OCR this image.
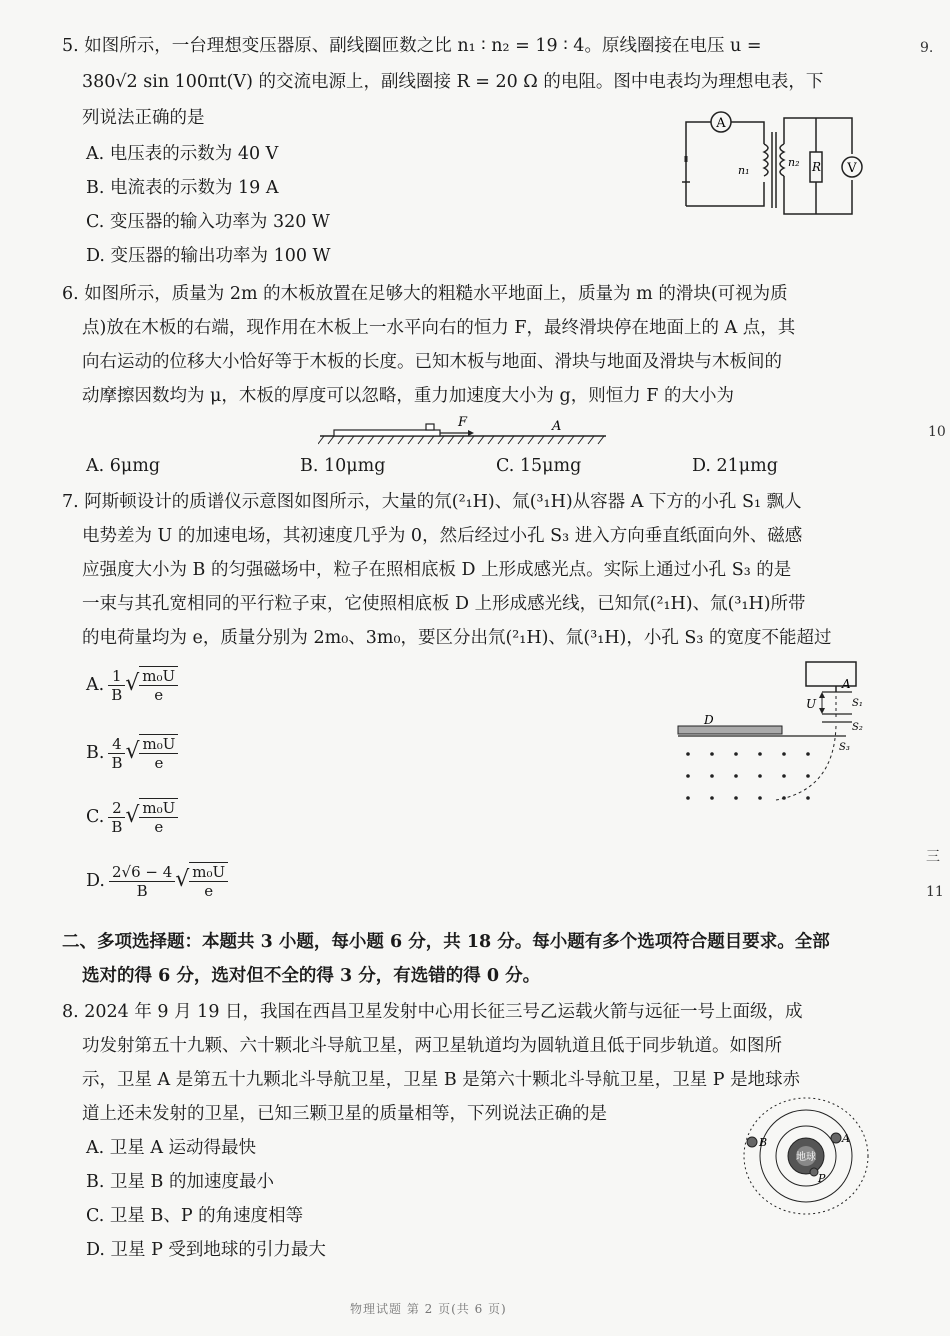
5. 如图所示，一台理想变压器原、副线圈匝数之比 n₁ ∶ n₂ = 19 ∶ 4。原线圈接在电压 u =
380√2 sin 100πt(V) 的交流电源上，副线圈接 R = 20 Ω 的电阻。图中电表均为理想电表，下
列说法正确的是
A. 电压表的示数为 40 V
B. 电流表的示数为 19 A
C. 变压器的输入功率为 320 W
D. 变压器的输出功率为 100 W
A
V
n₁
n₂ R
6. 如图所示，质量为 2m 的木板放置在足够大的粗糙水平地面上，质量为 m 的滑块(可视为质
点)放在木板的右端，现作用在木板上一水平向右的恒力 F，最终滑块停在地面上的 A 点，其
向右运动的位移大小恰好等于木板的长度。已知木板与地面、滑块与地面及滑块与木板间的
动摩擦因数均为 μ，木板的厚度可以忽略，重力加速度大小为 g，则恒力 F 的大小为
F	A
A. 6μmg	B. 10μmg	C. 15μmg	D. 21μmg
7. 阿斯顿设计的质谱仪示意图如图所示，大量的氘(²₁H)、氚(³₁H)从容器 A 下方的小孔 S₁ 飘人
电势差为 U 的加速电场，其初速度几乎为 0，然后经过小孔 S₃ 进入方向垂直纸面向外、磁感
应强度大小为 B 的匀强磁场中，粒子在照相底板 D 上形成感光点。实际上通过小孔 S₃ 的是
一束与其孔宽相同的平行粒子束，它使照相底板 D 上形成感光线，已知氘(²₁H)、氚(³₁H)所带
的电荷量均为 e，质量分别为 2m₀、3m₀，要区分出氘(²₁H)、氚(³₁H)，小孔 S₃ 的宽度不能超过
A. $\frac{1}{B}$ √ $\frac{\text{m₀U}}{e}$
B. $\frac{4}{B}$ √ $\frac{\text{m₀U}}{e}$
C. $\frac{2}{B}$ √ $\frac{\text{m₀U}}{e}$
D. $\frac{2√6 - 4}{B}$ √ $\frac{\text{m₀U}}{e}$
A
U
D
S₁
S₂
S₃
二、多项选择题：本题共 3 小题，每小题 6 分，共 18 分。每小题有多个选项符合题目要求。全部
选对的得 6 分，选对但不全的得 3 分，有选错的得 0 分。
8. 2024 年 9 月 19 日，我国在西昌卫星发射中心用长征三号乙运载火箭与远征一号上面级，成
功发射第五十九颗、六十颗北斗导航卫星，两卫星轨道均为圆轨道且低于同步轨道。如图所
示，卫星 A 是第五十九颗北斗导航卫星，卫星 B 是第六十颗北斗导航卫星，卫星 P 是地球赤
道上还未发射的卫星，已知三颗卫星的质量相等，下列说法正确的是
A. 卫星 A 运动得最快
B. 卫星 B 的加速度最小
C. 卫星 B、P 的角速度相等
D. 卫星 P 受到地球的引力最大
地球
B	A
P
9.
10
三
11
物理试题 第 2 页(共 6 页)
